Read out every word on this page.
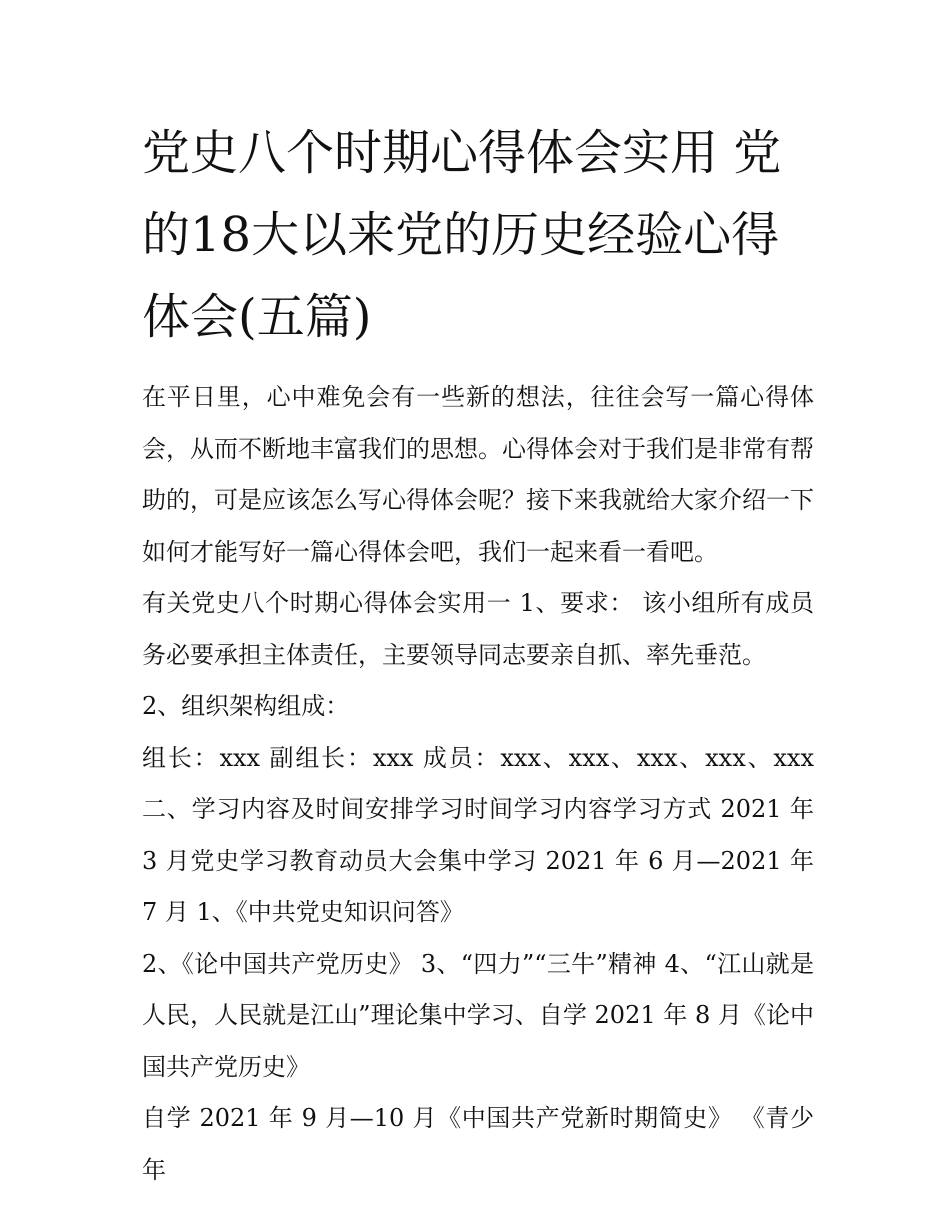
党史八个时期心得体会实用 党的18大以来党的历史经验心得体会(五篇)

在平日里，心中难免会有一些新的想法，往往会写一篇心得体会，从而不断地丰富我们的思想。心得体会对于我们是非常有帮助的，可是应该怎么写心得体会呢？接下来我就给大家介绍一下如何才能写好一篇心得体会吧，我们一起来看一看吧。

有关党史八个时期心得体会实用一 1、要求： 该小组所有成员务必要承担主体责任，主要领导同志要亲自抓、率先垂范。

2、组织架构组成：

组长：xxx 副组长：xxx 成员：xxx、xxx、xxx、xxx、xxx 二、学习内容及时间安排学习时间学习内容学习方式 2021 年 3 月党史学习教育动员大会集中学习 2021 年 6 月—2021 年 7 月 1、《中共党史知识问答》

2、《论中国共产党历史》 3、“四力”“三牛”精神 4、“江山就是人民，人民就是江山”理论集中学习、自学 2021 年 8 月《论中国共产党历史》

自学 2021 年 9 月—10 月《中国共产党新时期简史》 《青少年
